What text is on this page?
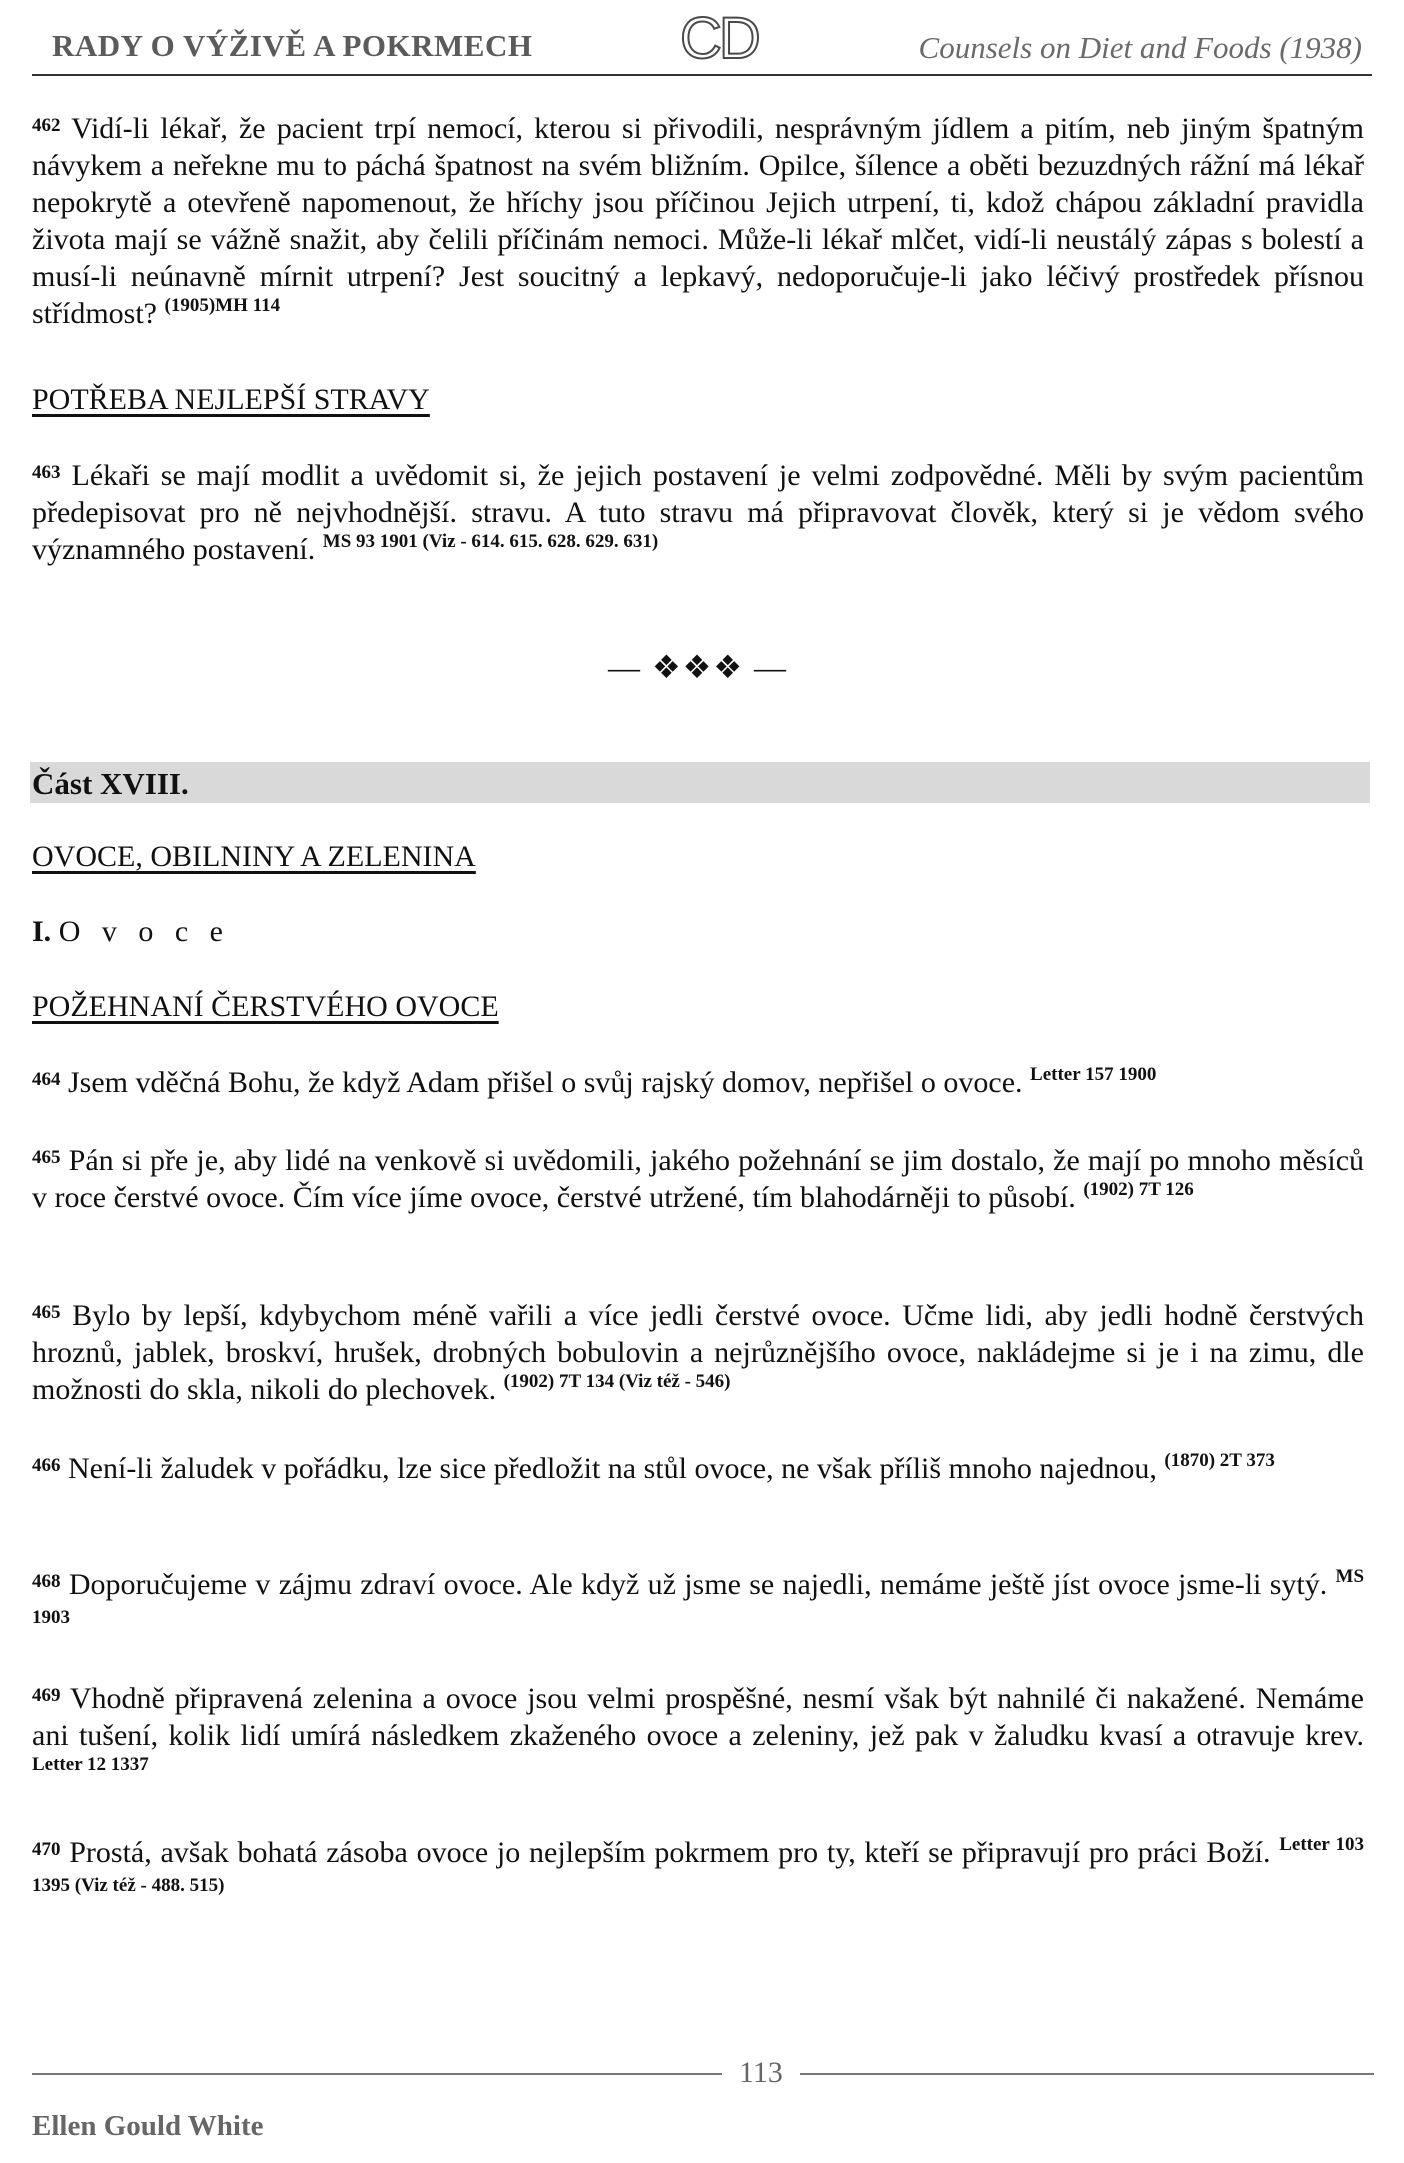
RADY O VÝŽIVĚ A POKRMECH	CD	Counsels on Diet and Foods (1938)

$^{462}$ Vidí-li lékař, že pacient trpí nemocí, kterou si přivodili, nesprávným jídlem a pitím, neb jiným špatným návykem a neřekne mu to páchá špatnost na svém bližním. Opilce, šílence a oběti bezuzdných rážní má lékař nepokrytě a otevřeně napomenout, že hříchy jsou příčinou Jejich utrpení, ti, kdož chápou základní pravidla života mají se vážně snažit, aby čelili příčinám nemoci. Může-li lékař mlčet, vidí-li neustálý zápas s bolestí a musí-li neúnavně mírnit utrpení? Jest soucitný a lepkavý, nedoporučuje-li jako léčivý prostředek přísnou střídmost? $^{(1905)MH 114}$

POTŘEBA NEJLEPŠÍ STRAVY

$^{463}$ Lékaři se mají modlit a uvědomit si, že jejich postavení je velmi zodpovědné. Měli by svým pacientům předepisovat pro ně nejvhodnější. stravu. A tuto stravu má připravovat člověk, který si je vědom svého významného postavení. $^{MS 93 1901 (Viz - 614. 615. 628. 629. 631)}$

— ❖❖❖ —
Část XVIII.

OVOCE, OBILNINY A ZELENINA

I. O v o c e

POŽEHNANÍ ČERSTVÉHO OVOCE

$^{464}$ Jsem vděčná Bohu, že když Adam přišel o svůj rajský domov, nepřišel o ovoce. $^{Letter 157 1900}$

$^{465}$ Pán si pře je, aby lidé na venkově si uvědomili, jakého požehnání se jim dostalo, že mají po mnoho měsíců v roce čerstvé ovoce. Čím více jíme ovoce, čerstvé utržené, tím blahodárněji to působí. $^{(1902) 7T 126}$

$^{465}$ Bylo by lepší, kdybychom méně vařili a více jedli čerstvé ovoce. Učme lidi, aby jedli hodně čerstvých hroznů, jablek, broskví, hrušek, drobných bobulovin a nejrůznějšího ovoce, nakládejme si je i na zimu, dle možnosti do skla, nikoli do plechovek. $^{(1902) 7T 134 (Viz též - 546)}$

$^{466}$ Není-li žaludek v pořádku, lze sice předložit na stůl ovoce, ne však příliš mnoho najednou, $^{(1870) 2T 373}$

$^{468}$ Doporučujeme v zájmu zdraví ovoce. Ale když už jsme se najedli, nemáme ještě jíst ovoce jsme-li sytý. $^{MS 1903}$

$^{469}$ Vhodně připravená zelenina a ovoce jsou velmi prospěšné, nesmí však být nahnilé či nakažené. Nemáme ani tušení, kolik lidí umírá následkem zkaženého ovoce a zeleniny, jež pak v žaludku kvasí a otravuje krev. $^{Letter 12 1337}$

$^{470}$ Prostá, avšak bohatá zásoba ovoce jo nejlepším pokrmem pro ty, kteří se připravují pro práci Boží. $^{Letter 103 1395 (Viz též - 488. 515)}$

113
Ellen Gould White
